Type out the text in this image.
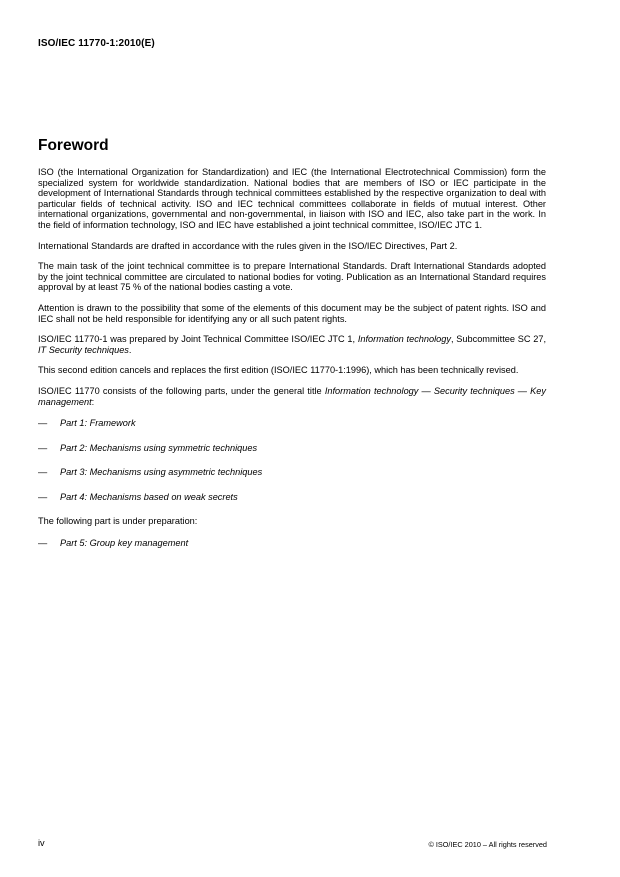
ISO/IEC 11770-1:2010(E)
Foreword

ISO (the International Organization for Standardization) and IEC (the International Electrotechnical Commission) form the specialized system for worldwide standardization. National bodies that are members of ISO or IEC participate in the development of International Standards through technical committees established by the respective organization to deal with particular fields of technical activity. ISO and IEC technical committees collaborate in fields of mutual interest. Other international organizations, governmental and non-governmental, in liaison with ISO and IEC, also take part in the work. In the field of information technology, ISO and IEC have established a joint technical committee, ISO/IEC JTC 1.

International Standards are drafted in accordance with the rules given in the ISO/IEC Directives, Part 2.

The main task of the joint technical committee is to prepare International Standards. Draft International Standards adopted by the joint technical committee are circulated to national bodies for voting. Publication as an International Standard requires approval by at least 75 % of the national bodies casting a vote.

Attention is drawn to the possibility that some of the elements of this document may be the subject of patent rights. ISO and IEC shall not be held responsible for identifying any or all such patent rights.

ISO/IEC 11770-1 was prepared by Joint Technical Committee ISO/IEC JTC 1, Information technology, Subcommittee SC 27, IT Security techniques.

This second edition cancels and replaces the first edition (ISO/IEC 11770-1:1996), which has been technically revised.

ISO/IEC 11770 consists of the following parts, under the general title Information technology — Security techniques — Key management:

—	Part 1: Framework
—	Part 2: Mechanisms using symmetric techniques
—	Part 3: Mechanisms using asymmetric techniques
—	Part 4: Mechanisms based on weak secrets

The following part is under preparation:

—	Part 5: Group key management
iv	© ISO/IEC 2010 – All rights reserved
